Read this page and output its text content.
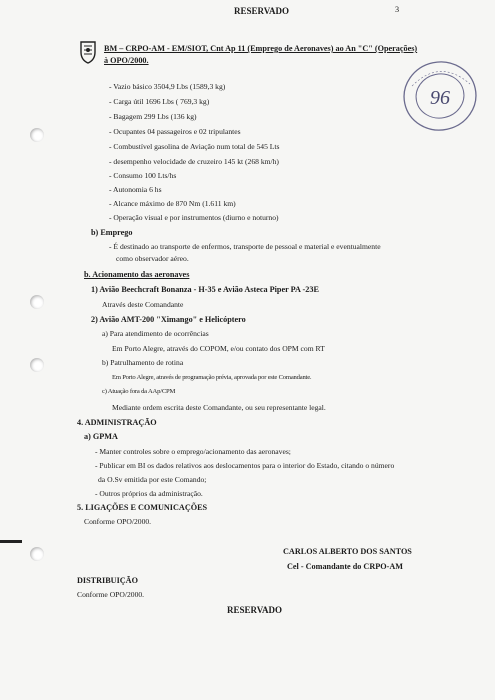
RESERVADO	3
BM – CRPO-AM - EM/SIOT, Cnt Ap 11 (Emprego de Aeronaves) ao An "C" (Operações)
à OPO/2000.
96
- Vazio básico 3504,9 Lbs (1589,3 kg)
- Carga útil 1696 Lbs ( 769,3 kg)
- Bagagem 299 Lbs (136 kg)
- Ocupantes 04 passageiros e 02 tripulantes
- Combustível gasolina de Aviação num total de 545 Lts
- desempenho velocidade de cruzeiro 145 kt (268 km/h)
- Consumo 100 Lts/hs
- Autonomia 6 hs
- Alcance máximo de 870 Nm (1.611 km)
- Operação visual e por instrumentos (diurno e noturno)
b) Emprego
- É destinado ao transporte de enfermos, transporte de pessoal e material e eventualmente
como observador aéreo.
b. Acionamento das aeronaves
1) Avião Beechcraft Bonanza - H-35 e Avião Asteca Piper PA -23E
Através deste Comandante
2) Avião AMT-200 "Ximango" e Helicóptero
a) Para atendimento de ocorrências
Em Porto Alegre, através do COPOM, e/ou contato dos OPM com RT
b) Patrulhamento de rotina
Em Porto Alegre, através de programação prévia, aprovada por este Comandante.
c) Atuação fora da AAp/CPM
Mediante ordem escrita deste Comandante, ou seu representante legal.
4. ADMINISTRAÇÃO
a) GPMA
- Manter controles sobre o emprego/acionamento das aeronaves;
- Publicar em BI os dados relativos aos deslocamentos para o interior do Estado, citando o número
da O.Sv emitida por este Comando;
- Outros próprios da administração.
5. LIGAÇÕES E COMUNICAÇÕES
Conforme OPO/2000.
CARLOS ALBERTO DOS SANTOS
Cel - Comandante do CRPO-AM
DISTRIBUIÇÃO
Conforme OPO/2000.
RESERVADO
